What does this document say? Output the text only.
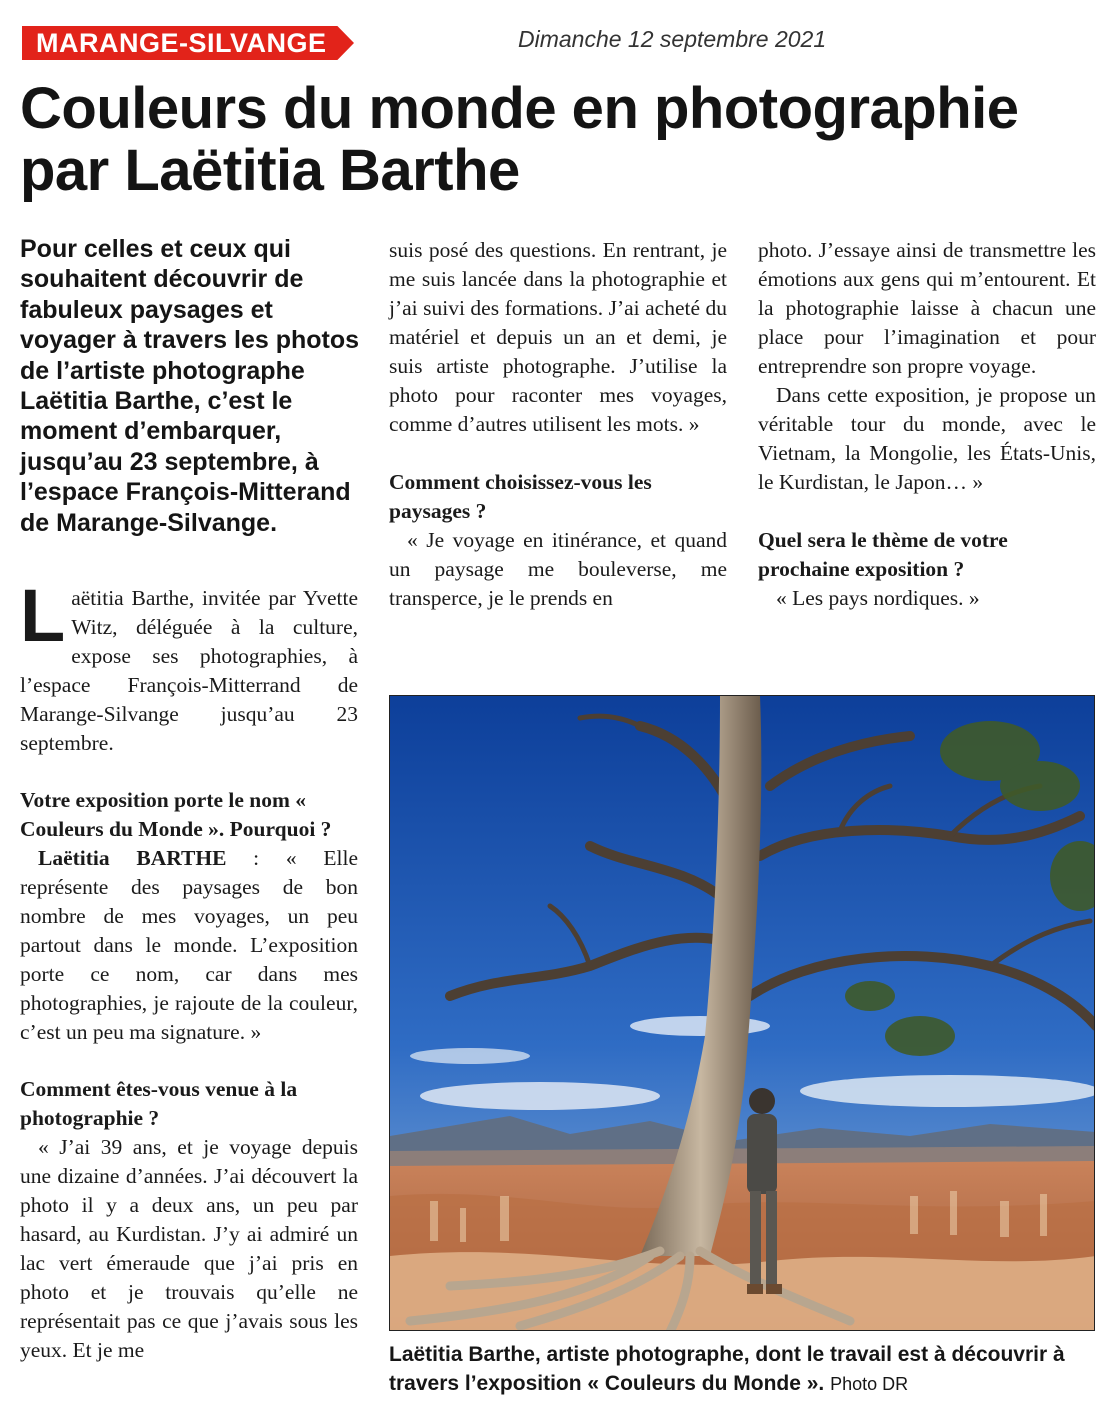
MARANGE-SILVANGE	Dimanche 12 septembre 2021
Couleurs du monde en photographie
par Laëtitia Barthe
Pour celles et ceux qui souhaitent découvrir de fabuleux paysages et voyager à travers les photos de l’artiste photographe Laëtitia Barthe, c’est le moment d’embarquer, jusqu’au 23 septembre, à l’espace François-Mitterand de Marange-Silvange.

Laëtitia Barthe, invitée par Yvette Witz, déléguée à la culture, expose ses photographies, à l’espace François-Mitterrand de Marange-Silvange jusqu’au 23 septembre.

Votre exposition porte le nom « Couleurs du Monde ». Pourquoi ?

Laëtitia BARTHE : « Elle représente des paysages de bon nombre de mes voyages, un peu partout dans le monde. L’exposition porte ce nom, car dans mes photographies, je rajoute de la couleur, c’est un peu ma signature. »

Comment êtes-vous venue à la photographie ?

« J’ai 39 ans, et je voyage depuis une dizaine d’années. J’ai découvert la photo il y a deux ans, un peu par hasard, au Kurdistan. J’y ai admiré un lac vert émeraude que j’ai pris en photo et je trouvais qu’elle ne représentait pas ce que j’avais sous les yeux. Et je me

suis posé des questions. En rentrant, je me suis lancée dans la photographie et j’ai suivi des formations. J’ai acheté du matériel et depuis un an et demi, je suis artiste photographe. J’utilise la photo pour raconter mes voyages, comme d’autres utilisent les mots. »

Comment choisissez-vous les paysages ?

« Je voyage en itinérance, et quand un paysage me bouleverse, me transperce, je le prends en

photo. J’essaye ainsi de transmettre les émotions aux gens qui m’entourent. Et la photographie laisse à chacun une place pour l’imagination et pour entreprendre son propre voyage.

Dans cette exposition, je propose un véritable tour du monde, avec le Vietnam, la Mongolie, les États-Unis, le Kurdistan, le Japon… »

Quel sera le thème de votre prochaine exposition ?

« Les pays nordiques. »

Laëtitia Barthe, artiste photographe, dont le travail est à découvrir à travers l’exposition « Couleurs du Monde ». Photo DR
